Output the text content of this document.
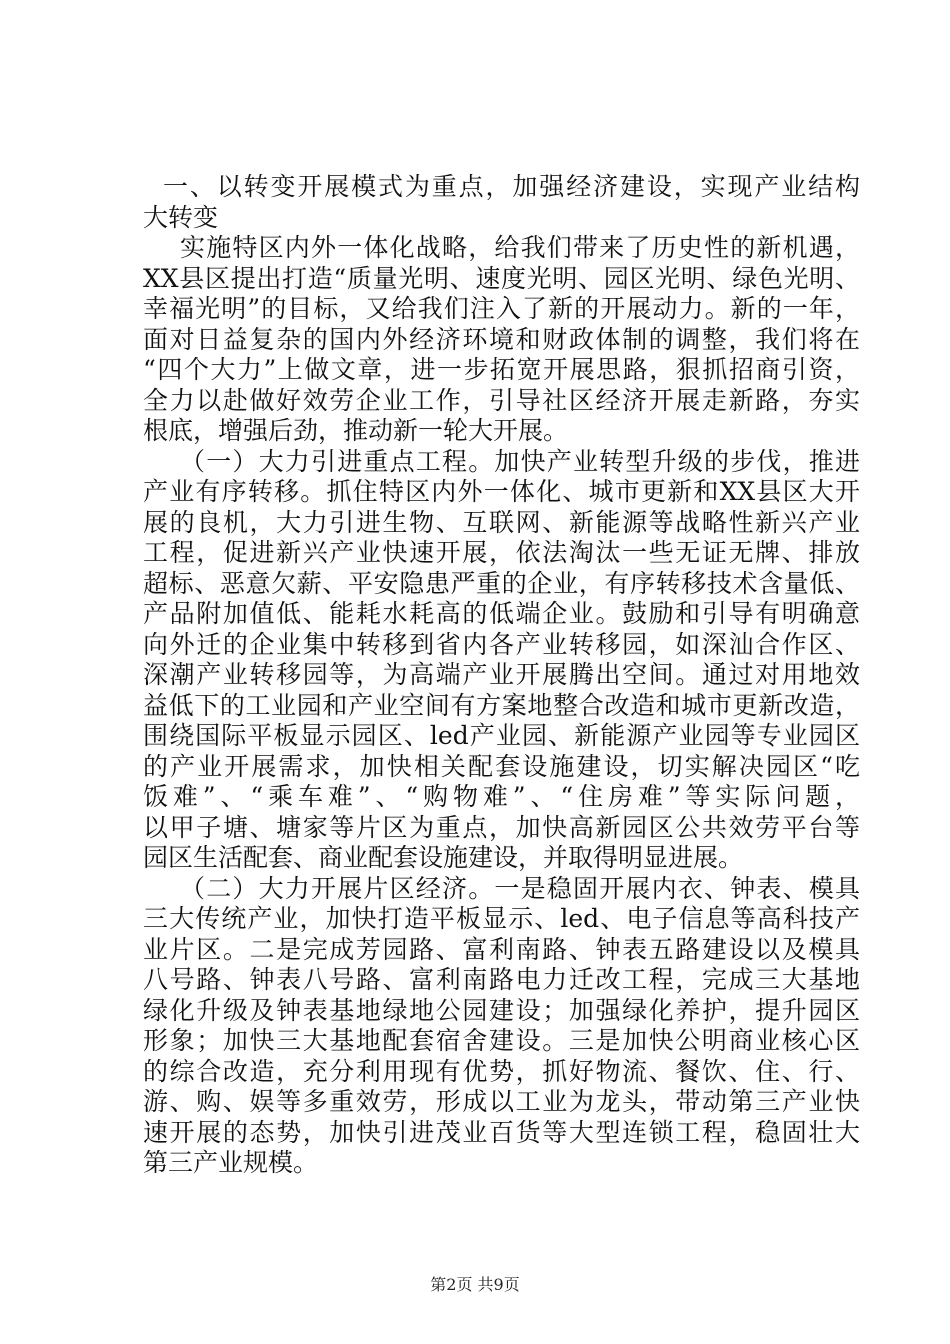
一、以转变开展模式为重点，加强经济建设，实现产业结构
大转变
实施特区内外一体化战略，给我们带来了历史性的新机遇，
XX县区提出打造“质量光明、速度光明、园区光明、绿色光明、
幸福光明”的目标，又给我们注入了新的开展动力。新的一年，
面对日益复杂的国内外经济环境和财政体制的调整，我们将在
“四个大力”上做文章，进一步拓宽开展思路，狠抓招商引资，
全力以赴做好效劳企业工作，引导社区经济开展走新路，夯实
根底，增强后劲，推动新一轮大开展。
（一）大力引进重点工程。加快产业转型升级的步伐，推进
产业有序转移。抓住特区内外一体化、城市更新和XX县区大开
展的良机，大力引进生物、互联网、新能源等战略性新兴产业
工程，促进新兴产业快速开展，依法淘汰一些无证无牌、排放
超标、恶意欠薪、平安隐患严重的企业，有序转移技术含量低、
产品附加值低、能耗水耗高的低端企业。鼓励和引导有明确意
向外迁的企业集中转移到省内各产业转移园，如深汕合作区、
深潮产业转移园等，为高端产业开展腾出空间。通过对用地效
益低下的工业园和产业空间有方案地整合改造和城市更新改造，
围绕国际平板显示园区、led产业园、新能源产业园等专业园区
的产业开展需求，加快相关配套设施建设，切实解决园区“吃
饭难”、“乘车难”、“购物难”、“住房难”等实际问题，
以甲子塘、塘家等片区为重点，加快高新园区公共效劳平台等
园区生活配套、商业配套设施建设，并取得明显进展。
（二）大力开展片区经济。一是稳固开展内衣、钟表、模具
三大传统产业，加快打造平板显示、led、电子信息等高科技产
业片区。二是完成芳园路、富利南路、钟表五路建设以及模具
八号路、钟表八号路、富利南路电力迁改工程，完成三大基地
绿化升级及钟表基地绿地公园建设；加强绿化养护，提升园区
形象；加快三大基地配套宿舍建设。三是加快公明商业核心区
的综合改造，充分利用现有优势，抓好物流、餐饮、住、行、
游、购、娱等多重效劳，形成以工业为龙头，带动第三产业快
速开展的态势，加快引进茂业百货等大型连锁工程，稳固壮大
第三产业规模。
第2页 共9页
